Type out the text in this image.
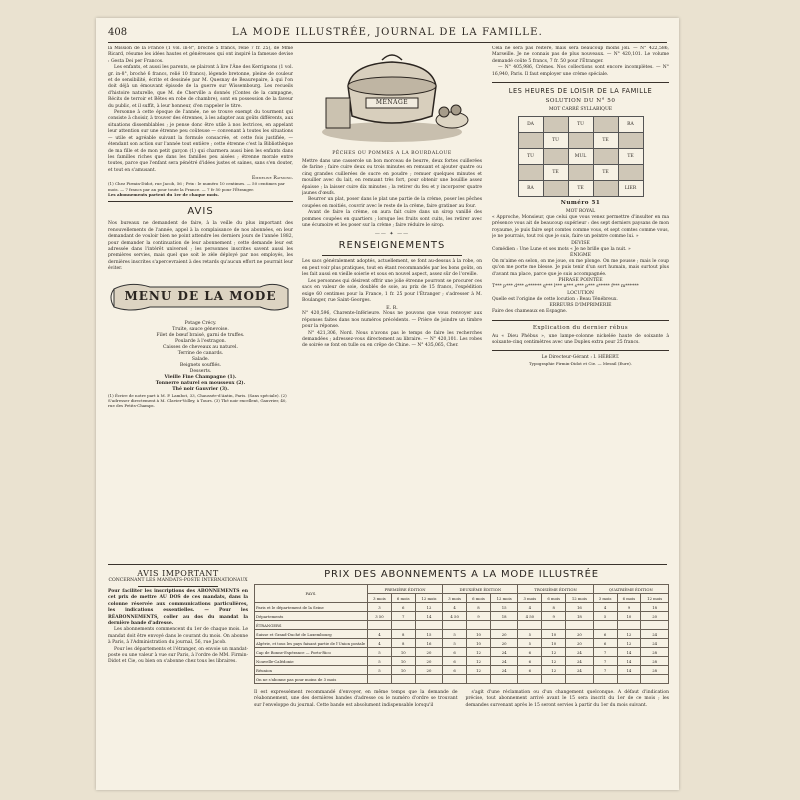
408	LA MODE ILLUSTRÉE, JOURNAL DE LA FAMILLE.

la Mission de la France (1 vol. in-8°, broché 5 francs, relié 7 fr. 25), de Mme Ricard, résume les idées hautes et généreuses qui ont inspiré la fameuse devise : Gesta Dei per Francos.

Les enfants, et aussi les parents, se plairont à lire l'Âne des Kerrignons (1 vol. gr. in-8°, broché 6 francs, relié 10 francs), légende bretonne, pleine de couleur et de sensibilité, écrite et dessinée par M. Quesnay de Beaurepaire, à qui l'on doit déjà un émouvant épisode de la guerre sur Wissembourg. Les recueils d'histoire naturelle, que M. de Cherville a donnés (Contes de la campagne, Récits de terroir et Bêtes en robe de chambre), sont en possession de la faveur du public, et il suffit, à leur honneur, d'en rappeler le titre.

Personne à cette époque de l'année, ne se trouve exempt du tourment qui consiste à choisir, à trouver des étrennes, à les adapter aux goûts différents, aux situations dissemblables ; je pense donc être utile à nos lectrices, en appelant leur attention sur une étrenne peu coûteuse — convenant à toutes les situations — utile et agréable suivant la formule consacrée, et cette fois justifiée, — étendant son action sur l'année tout entière ; cette étrenne c'est la Bibliothèque de ma fille et de mon petit garçon (1) qui charmera aussi bien les enfants dans les familles riches que dans les familles peu aisées ; étrenne morale entre toutes, parce que l'enfant sera pénétré d'idées justes et saines, sans s'en douter, et tout en s'amusant.

Emmeline Raymond.

(1) Chez Firmin-Didot, rue Jacob, 56 ; Prix : le numéro 10 centimes. — 50 centimes par mois. — 7 francs par an pour toute la France. — 7 fr 50 pour l'Étranger.

Les abonnements partent du 1er de chaque mois.

AVIS

Nos bureaux ne demandent de faire, à la veille du plus important des renouvellements de l'année, appel à la complaisance de nos abonnées, en leur demandant de vouloir bien ne point attendre les derniers jours de l'année 1882, pour demander la continuation de leur abonnement ; cette demande leur est adressée dans l'intérêt universel ; les personnes inscrites savent aussi les premières servies, mais quel que soit le zèle déployé par nos employés, les dernières inscrites s'apercevraient à des retards qu'aucun effort ne pourrait leur éviter.

MENU DE LA MODE
Potage Crécy.
Truite, sauce génevoise.
Filet de bœuf braisé, garni de truffes.
Poularde à l'estragon.
Caisses de cheveaux au naturel.
Terrine de canards.
Salade.
Beignets soufflés.
Desserts.
Vieille Fine Champagne (1).
Tonnerre naturel en mousseux (2).
Thé noir Gauvrier (3).

(1) Écrire de notre part à M. P. Lambot, 33, Chaussée-d'Antin, Paris. (Sans spéciale). (2) S'adresser directement à M. Clavier-Volley, à Tours. (3) Thé noir excellent, Gauvrier, 40, rue des Petits-Champs.

MÉNAGE
PÊCHES OU POMMES A LA BOURDALOUE

Mettre dans une casserole un bon morceau de beurre, deux fortes cuillerées de farine ; faire cuire deux ou trois minutes en remuant et ajouter quatre ou cinq grandes cuillerées de sucre en poudre ; remuer quelques minutes et mouiller avec du lait, en remuant très fort, pour obtenir une bouillie assez épaisse ; la laisser cuire dix minutes ; la retirer du feu et y incorporer quatre jaunes d'œufs.

Beurrer un plat, poser dans le plat une partie de la crème, poser les pêches coupées en moitiés, couvrir avec le reste de la crème, faire gratiner au four.

Avant de faire la crème, on aura fait cuire dans un sirop vanillé des pommes coupées en quartiers ; lorsque les fruits sont cuits, les retirer avec une écumoire et les poser sur la crème ; faire réduire le sirop.

—— ✦ ——
RENSEIGNEMENTS

Les sacs généralement adoptés, actuellement, se font au-dessus à la robe, on en peut voir plus pratiques, tout en étant recommandés par les bons goûts, on les fait aussi en vieille soierie et sous en nouvel aspect, assez sûr de l'oreille.

Les personnes qui désirent offrir une jolie étrenne pourront se procurer ces sacs en valeur de soie, doublés de soie, au prix de 15 francs, l'expédition exige 60 centimes pour la France, 1 fr. 25 pour l'Étranger ; s'adresser à M. Boulanger, rue Saint-Georges.

E. R.

N° 420,596, Charente-Inférieure. Nous ne pouvons que vous renvoyer aux réponses faites dans nos numéros précédents. — Prière de joindre un timbre pour la réponse.

N° 421,306, Nord. Nous n'avons pas le temps de faire les recherches demandées ; adressez-vous directement au libraire. — N° 420,101. Les robes de soirée se font en tulle ou en crêpe de Chine. — N° 435,065, Cher.

Cela ne sera pas réitéré, mais sera beaucoup moins joli. — N° 422,586, Marseille. Je ne connais pas de plus nouveaux. — N° 420,101. Le volume demandé coûte 5 francs, 7 fr. 50 pour l'Étranger.

— N° 405,986, Crémes. Nos collections sont encore incomplètes. — N° 16,940, Paris. Il faut employer une crème spéciale.

LES HEURES DE LOISIR DE LA FAMILLE
SOLUTION DU N° 50
MOT CARRÉ SYLLABIQUE
DA		TU		RA
	TU		TE	
TU		MUL		TE
	TE		TE	
RA		TE		LIER
Numéro 51
MOT ROYAL

« Approche, Monsieur, que celui que vous venez permettre d'insulter en ma présence vous ait de beaucoup supérieur : des sept derniers paysans de mon royaume, je puis faire sept comtes comme vous, et sept comtes comme vous, je ne pourrais, tout roi que je suis, faire un peintre comme lui. »

DEVISE

Comédien : Une Lune et ses mots « Je ne brille que la nuit. »

ÉNIGME

On m'aime en selon, on me joue, on me plonge. On me pousse ; mais le coup qu'on me porte me blesse. Je puis tenir d'un sort humain, mais surtout plus d'avant ma place, parce que je suis accompagnée.

PHRASE POINTÉE

T*** p*** d*** e****** q*** l*** n*** s*** p*** s***** f*** m******

LOCUTION

Quelle est l'origine de cette locution : Beau Ténébreux.

ERREURS D'IMPRIMERIE

Faire des chameaux en Espagne.

Explication du dernier rébus

Au « Dieu Phébus », une lampe-colonne nickelée haute de soixante à soixante-cinq centimètres avec une Duplex extra pour 25 francs.

Le Directeur-Gérant : I. HÉBERT.
Typographie Firmin-Didot et Cie. — Mesnil (Eure).
AVIS IMPORTANT
CONCERNANT LES MANDATS-POSTE INTERNATIONAUX

Pour faciliter les inscriptions des ABONNEMENTS en cet prix de mettre AU DOS de ces mandats, dans la colonne réservée aux communications particulières, les indications essentielles. — Pour les RÉABONNEMENTS, coller au dos du mandat la dernière bande d'adresse.

Les abonnements commencent du 1er de chaque mois. Le mandat doit être envoyé dans le courant du mois. On abonne à Paris, à l'Administration du journal, 56, rue Jacob.

Pour les départements et l'étranger, on envoie un mandat-poste ou une valeur à vue sur Paris, à l'ordre de MM. Firmin-Didot et Cie, ou bien on s'abonne chez tous les libraires.

PRIX DES ABONNEMENTS A LA MODE ILLUSTRÉE
PAYS.	PREMIÈRE ÉDITION			DEUXIÈME ÉDITION			TROISIÈME ÉDITION			QUATRIÈME ÉDITION		
	3 mois	6 mois	12 mois	3 mois	6 mois	12 mois	3 mois	6 mois	12 mois	3 mois	6 mois	12 mois
Paris et le département de la Seine	3	6	12	4	8	15	4	8	16	4	9	18
Départements	3 50	7	14	4 50	9	18	4 50	9	18	5	10	20
ÉTRANGERS												
Suisse et Grand-Duché de Luxembourg	4	8	15	5	10	20	5	10	20	6	12	24
Algérie, et tous les pays faisant partie de l'Union postale	4	8	16	5	10	20	5	10	20	6	12	24
Cap de Bonne-Espérance — Porto-Rico	5	10	20	6	12	24	6	12	24	7	14	28
Nouvelle-Calédonie	5	10	20	6	12	24	6	12	24	7	14	28
Réunion	5	10	20	6	12	24	6	12	24	7	14	28
On ne s'abonne pas pour moins de 3 mois												

Il est expressément recommandé d'envoyer, en même temps que la demande de réabonnement, une des dernières bandes d'adresse ou le numéro d'ordre se trouvant sur l'enveloppe du journal. Cette bande est absolument indispensable lorsqu'il

s'agit d'une réclamation ou d'un changement quelconque. A défaut d'indication précise, tout abonnement arrivé avant le 15 sera inscrit du 1er de ce mois ; les demandes survenant après le 15 seront servies à partir du 1er du mois suivant.
